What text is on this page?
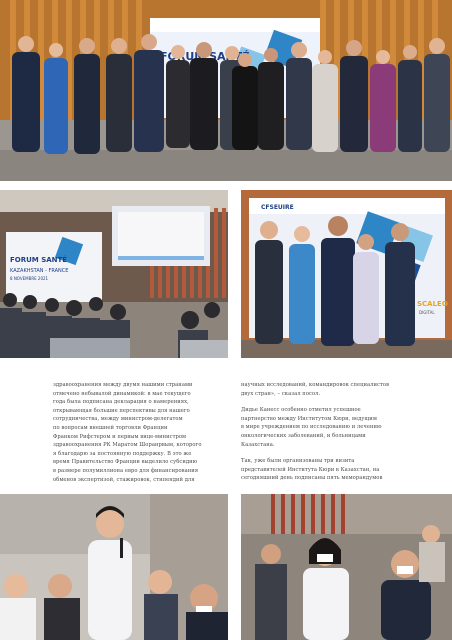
FORUM SANTÉ
KAZAKHSTAN - FRANCE
8 NOVEMBRE 2021
CFSEUIRE
SCALEO
DIGITAL

здравоохранения между двумя нашими странами
отмечено небывалой динамикой: в мае текущего
года была подписана декларация о намерениях,
открывающая большие перспективы для нашего
сотрудничества, между министром-делегатом
по вопросам внешней торговли Франции
Франком Рифстером и первым вице-министром
здравоохранения РК Маратом Шоранрвым, которого
я благодарю за постоянную поддержку. В это же
время Правительство Франции выделило субсидию
в размере полумиллиона евро для финансирования
обменов экспертизой, стажировок, стипендий для

научных исследований, командировок специалистов
двух стран», – сказал посол.

Дидье Канесс особенно отметил успешное
партнерство между Институтом Кюри, ведущим
в мире учреждением по исследованию и лечению
онкологических заболеваний, и больницами
Казахстана.

Так, уже были организованы три визита
представителей Института Кюри в Казахстан, на
сегодняшний день подписаны пять меморандумов
